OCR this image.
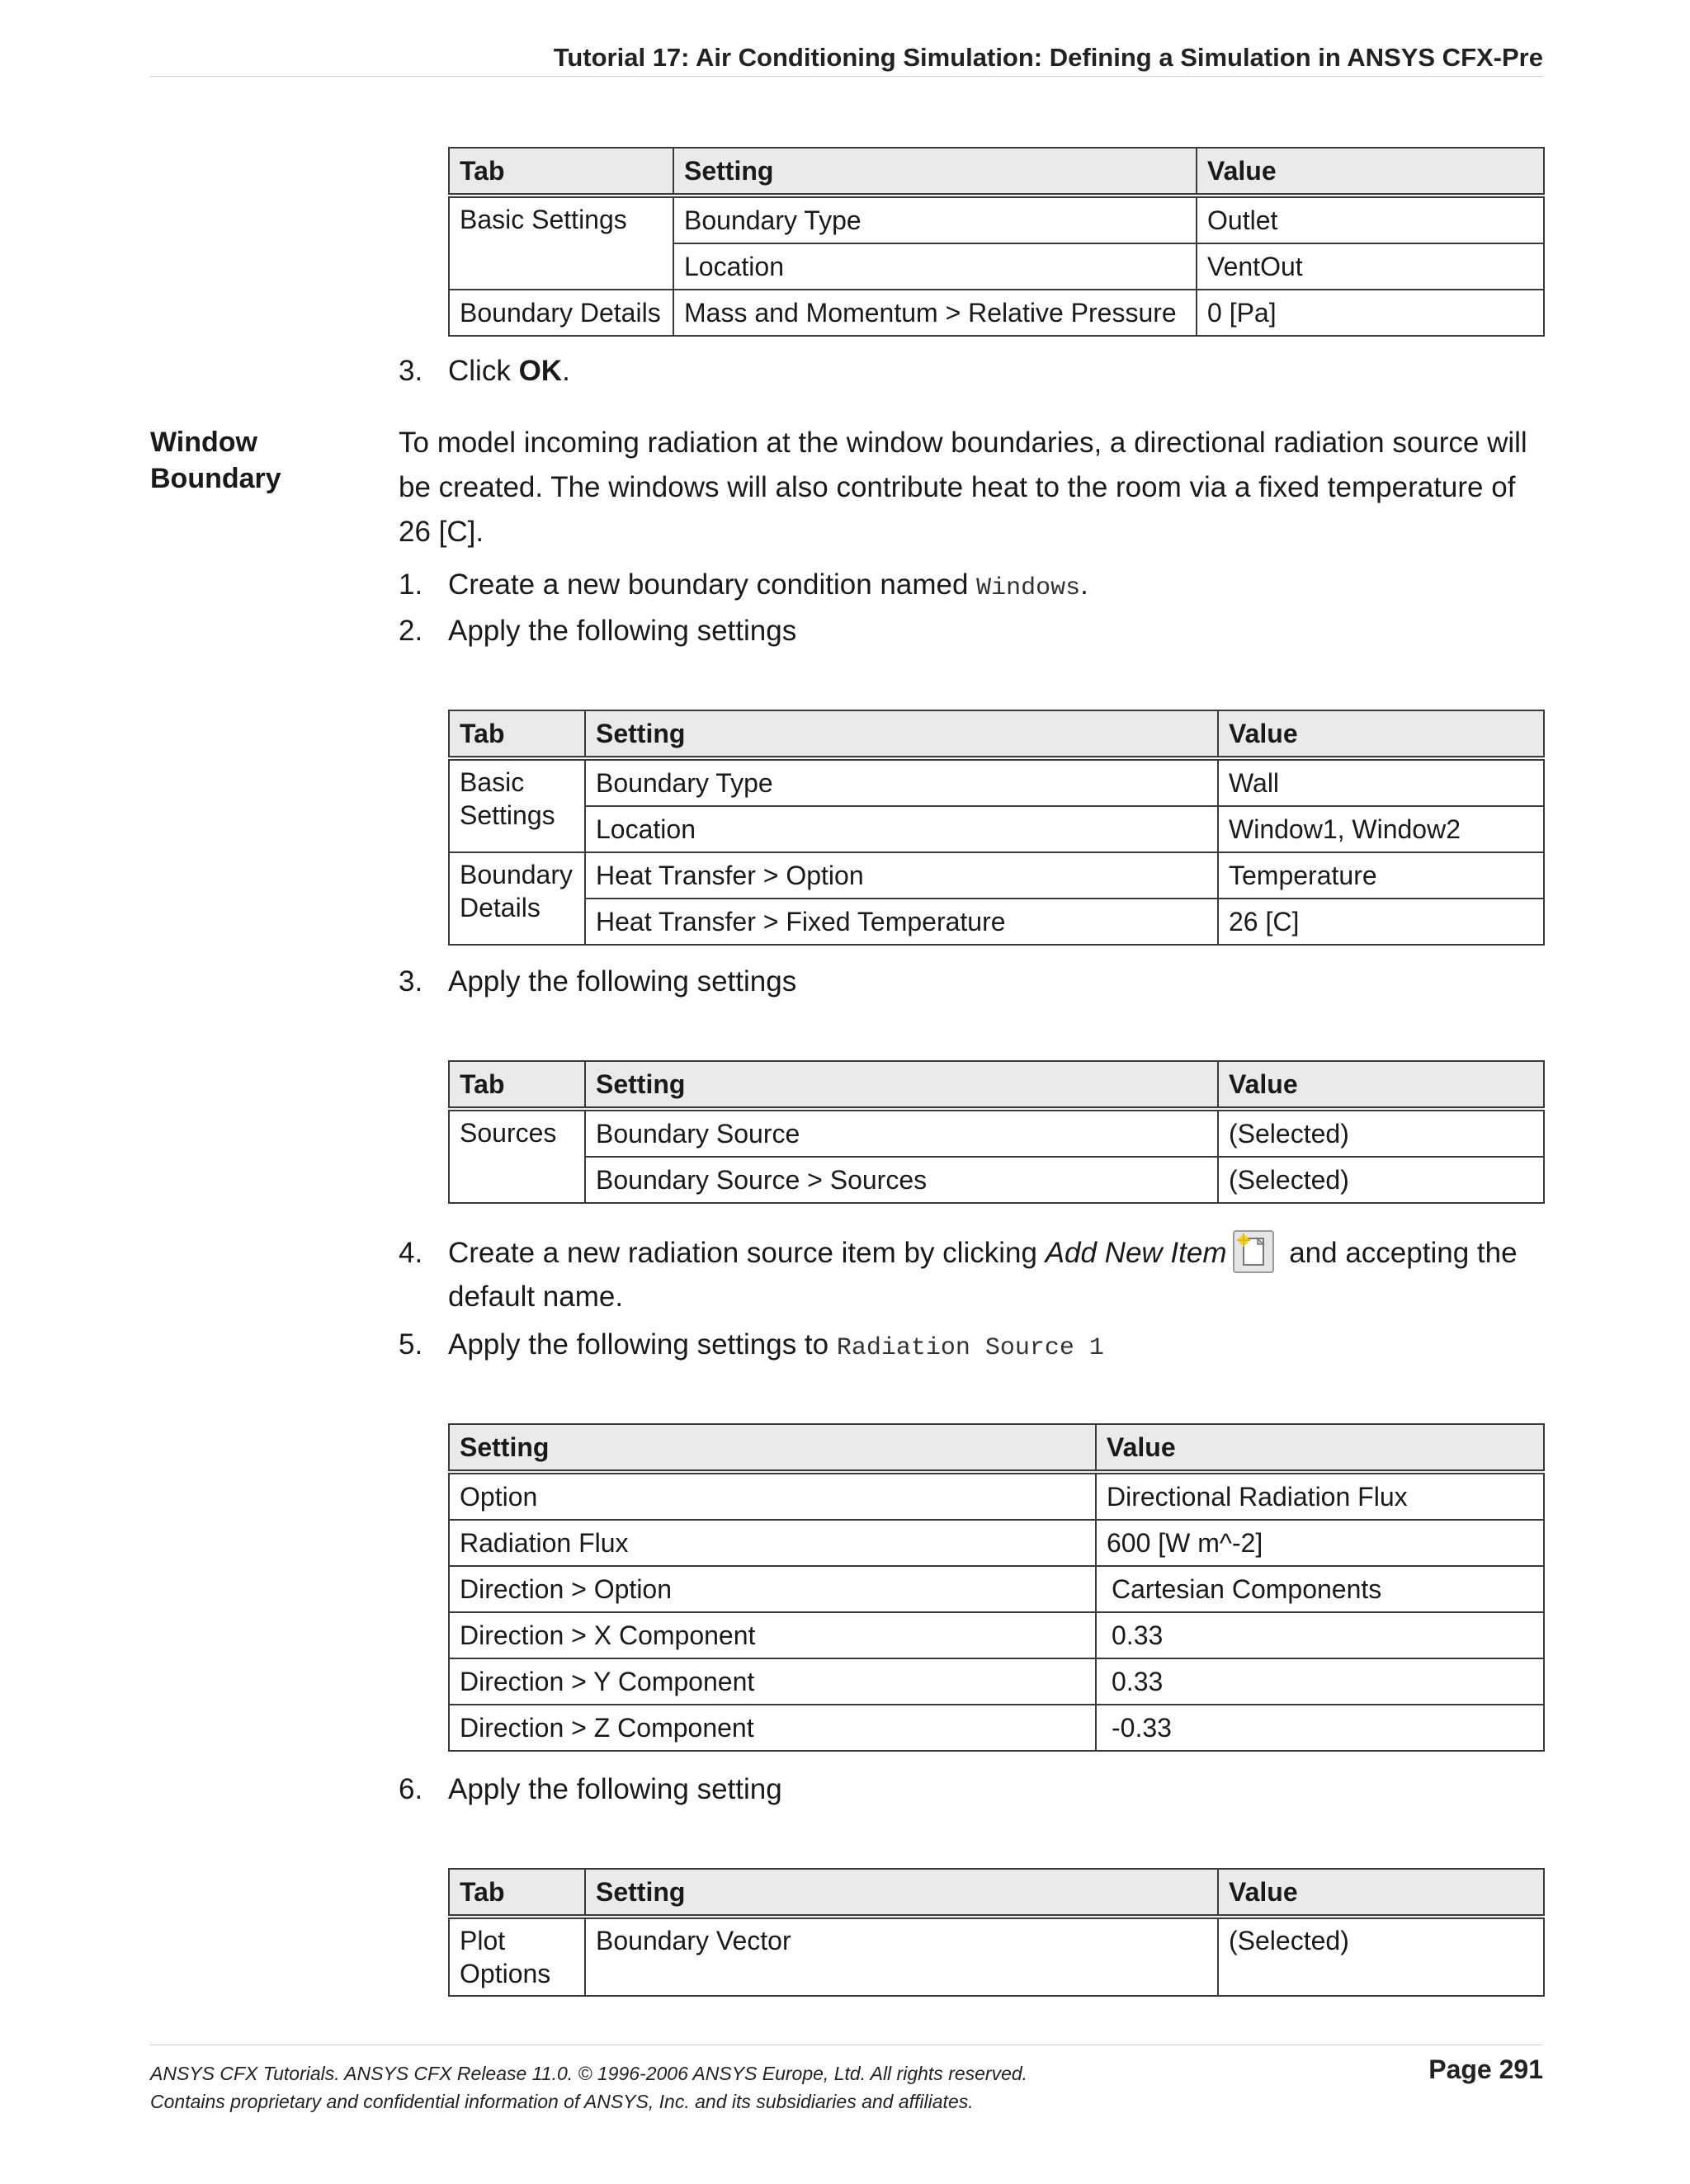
Tutorial 17: Air Conditioning Simulation: Defining a Simulation in ANSYS CFX-Pre
Tab	Setting	Value
Basic Settings	Boundary Type	Outlet
	Location	VentOut
Boundary Details	Mass and Momentum > Relative Pressure	0 [Pa]
3. Click OK.
Window
Boundary
To model incoming radiation at the window boundaries, a directional radiation source will be created. The windows will also contribute heat to the room via a fixed temperature of 26 [C].
1. Create a new boundary condition named Windows.
2. Apply the following settings
Tab	Setting	Value
Basic Settings	Boundary Type	Wall
	Location	Window1, Window2
Boundary Details	Heat Transfer > Option	Temperature
	Heat Transfer > Fixed Temperature	26 [C]
3. Apply the following settings
Tab	Setting	Value
Sources	Boundary Source	(Selected)
	Boundary Source > Sources	(Selected)
4. Create a new radiation source item by clicking Add New Item and accepting the default name.
5. Apply the following settings to Radiation Source 1
Setting	Value
Option	Directional Radiation Flux
Radiation Flux	600 [W m^-2]
Direction > Option	Cartesian Components
Direction > X Component	0.33
Direction > Y Component	0.33
Direction > Z Component	-0.33
6. Apply the following setting
Tab	Setting	Value
Plot Options	Boundary Vector	(Selected)
ANSYS CFX Tutorials. ANSYS CFX Release 11.0. © 1996-2006 ANSYS Europe, Ltd. All rights reserved.
Contains proprietary and confidential information of ANSYS, Inc. and its subsidiaries and affiliates.
Page 291
